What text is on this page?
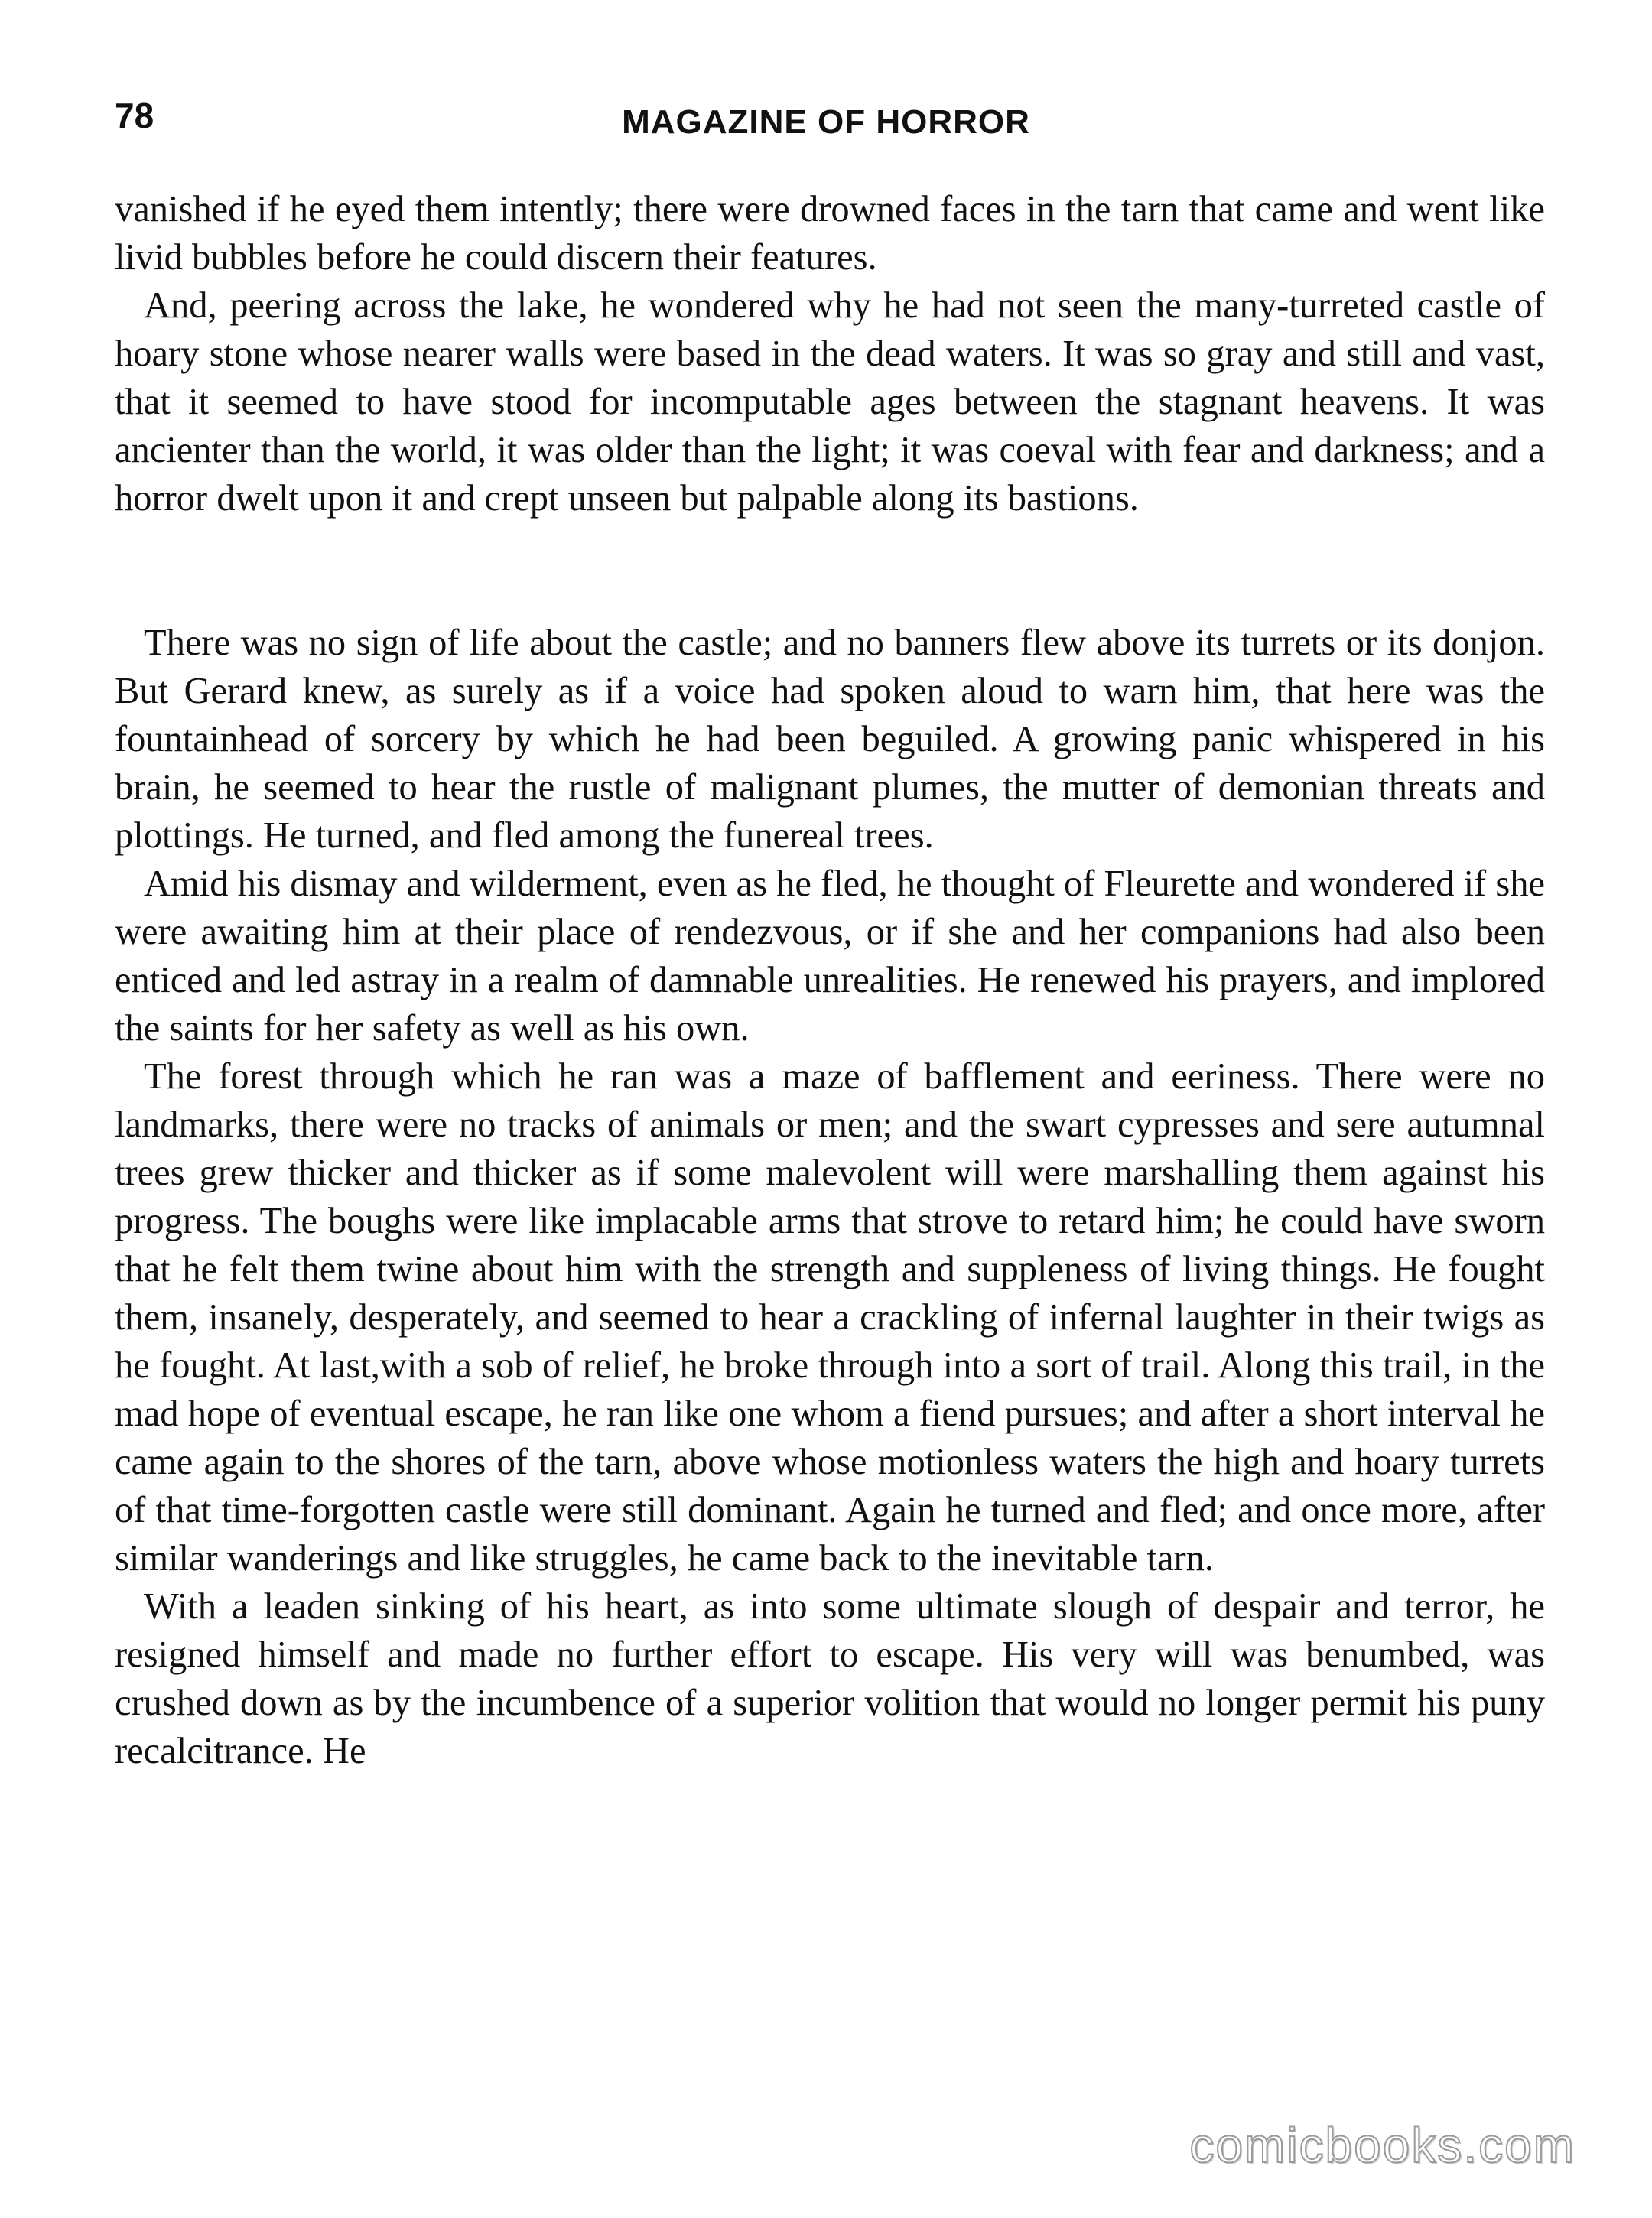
78	MAGAZINE OF HORROR

vanished if he eyed them intently; there were drowned faces in the tarn that came and went like livid bubbles before he could discern their features.

And, peering across the lake, he wondered why he had not seen the many-turreted castle of hoary stone whose nearer walls were based in the dead waters. It was so gray and still and vast, that it seemed to have stood for incomputable ages between the stagnant heavens. It was ancienter than the world, it was older than the light; it was coeval with fear and darkness; and a horror dwelt upon it and crept unseen but palpable along its bastions.

There was no sign of life about the castle; and no banners flew above its turrets or its donjon. But Gerard knew, as surely as if a voice had spoken aloud to warn him, that here was the fountainhead of sorcery by which he had been beguiled. A growing panic whispered in his brain, he seemed to hear the rustle of malignant plumes, the mutter of demonian threats and plottings. He turned, and fled among the funereal trees.

Amid his dismay and wilderment, even as he fled, he thought of Fleurette and wondered if she were awaiting him at their place of rendezvous, or if she and her companions had also been enticed and led astray in a realm of damnable unrealities. He renewed his prayers, and implored the saints for her safety as well as his own.

The forest through which he ran was a maze of bafflement and eeriness. There were no landmarks, there were no tracks of animals or men; and the swart cypresses and sere autumnal trees grew thicker and thicker as if some malevolent will were marshalling them against his progress. The boughs were like implacable arms that strove to retard him; he could have sworn that he felt them twine about him with the strength and suppleness of living things. He fought them, insanely, desperately, and seemed to hear a crackling of infernal laughter in their twigs as he fought. At last,with a sob of relief, he broke through into a sort of trail. Along this trail, in the mad hope of eventual escape, he ran like one whom a fiend pursues; and after a short interval he came again to the shores of the tarn, above whose motionless waters the high and hoary turrets of that time-forgotten castle were still dominant. Again he turned and fled; and once more, after similar wanderings and like struggles, he came back to the inevitable tarn.

With a leaden sinking of his heart, as into some ultimate slough of despair and terror, he resigned himself and made no further effort to escape. His very will was benumbed, was crushed down as by the incumbence of a superior volition that would no longer permit his puny recalcitrance. He

comicbooks.com
